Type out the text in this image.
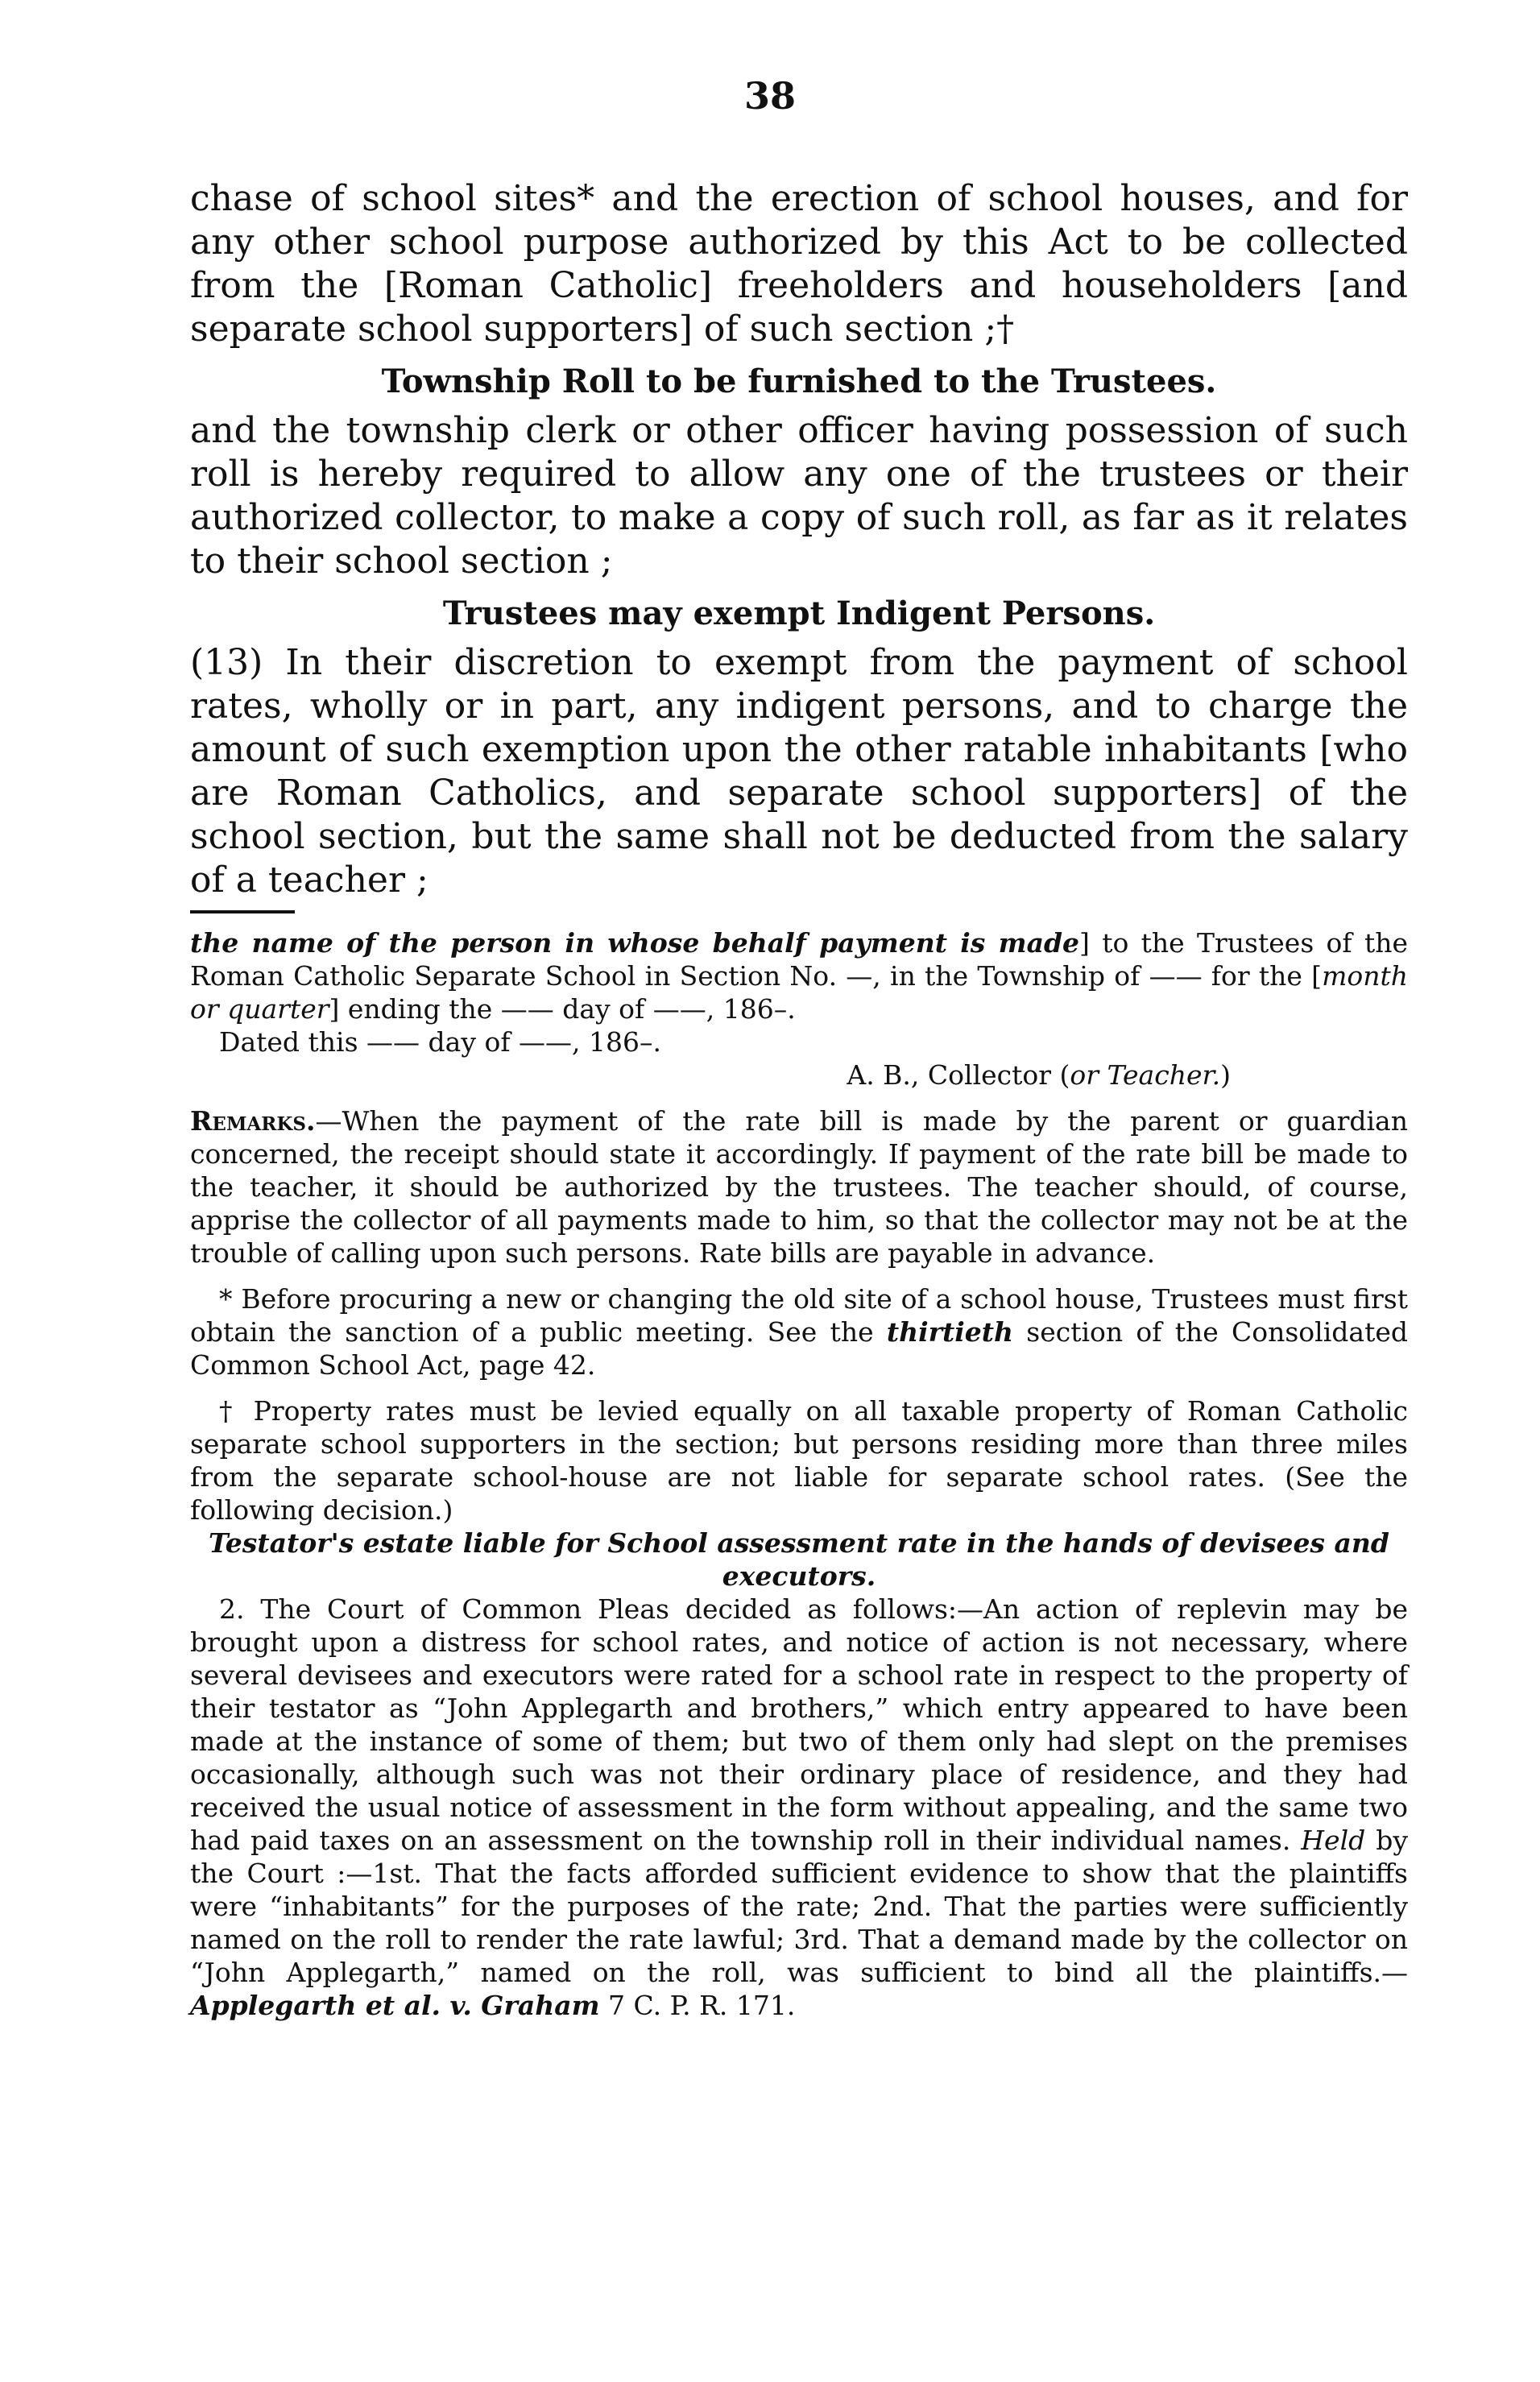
38

chase of school sites* and the erection of school houses, and for any other school purpose authorized by this Act to be collected from the [Roman Catholic] freeholders and householders [and separate school supporters] of such section ;†

Township Roll to be furnished to the Trustees.

and the township clerk or other officer having possession of such roll is hereby required to allow any one of the trustees or their authorized collector, to make a copy of such roll, as far as it relates to their school section ;

Trustees may exempt Indigent Persons.

(13) In their discretion to exempt from the payment of school rates, wholly or in part, any indigent persons, and to charge the amount of such exemption upon the other ratable inhabitants [who are Roman Catholics, and separate school supporters] of the school section, but the same shall not be deducted from the salary of a teacher ;

the name of the person in whose behalf payment is made] to the Trustees of the Roman Catholic Separate School in Section No. —, in the Township of —— for the [month or quarter] ending the —— day of ——, 186–.

Dated this —— day of ——, 186–.

A. B., Collector (or Teacher.)

Remarks.—When the payment of the rate bill is made by the parent or guardian concerned, the receipt should state it accordingly. If payment of the rate bill be made to the teacher, it should be authorized by the trustees. The teacher should, of course, apprise the collector of all payments made to him, so that the collector may not be at the trouble of calling upon such persons. Rate bills are payable in advance.

* Before procuring a new or changing the old site of a school house, Trustees must first obtain the sanction of a public meeting. See the thirtieth section of the Consolidated Common School Act, page 42.

† Property rates must be levied equally on all taxable property of Roman Catholic separate school supporters in the section; but persons residing more than three miles from the separate school-house are not liable for separate school rates. (See the following decision.)

Testator's estate liable for School assessment rate in the hands of devisees and executors.

2. The Court of Common Pleas decided as follows:—An action of replevin may be brought upon a distress for school rates, and notice of action is not necessary, where several devisees and executors were rated for a school rate in respect to the property of their testator as “John Applegarth and brothers,” which entry appeared to have been made at the instance of some of them; but two of them only had slept on the premises occasionally, although such was not their ordinary place of residence, and they had received the usual notice of assessment in the form without appealing, and the same two had paid taxes on an assessment on the township roll in their individual names. Held by the Court :—1st. That the facts afforded sufficient evidence to show that the plaintiffs were “inhabitants” for the purposes of the rate; 2nd. That the parties were sufficiently named on the roll to render the rate lawful; 3rd. That a demand made by the collector on “John Applegarth,” named on the roll, was sufficient to bind all the plaintiffs.—Applegarth et al. v. Graham 7 C. P. R. 171.
